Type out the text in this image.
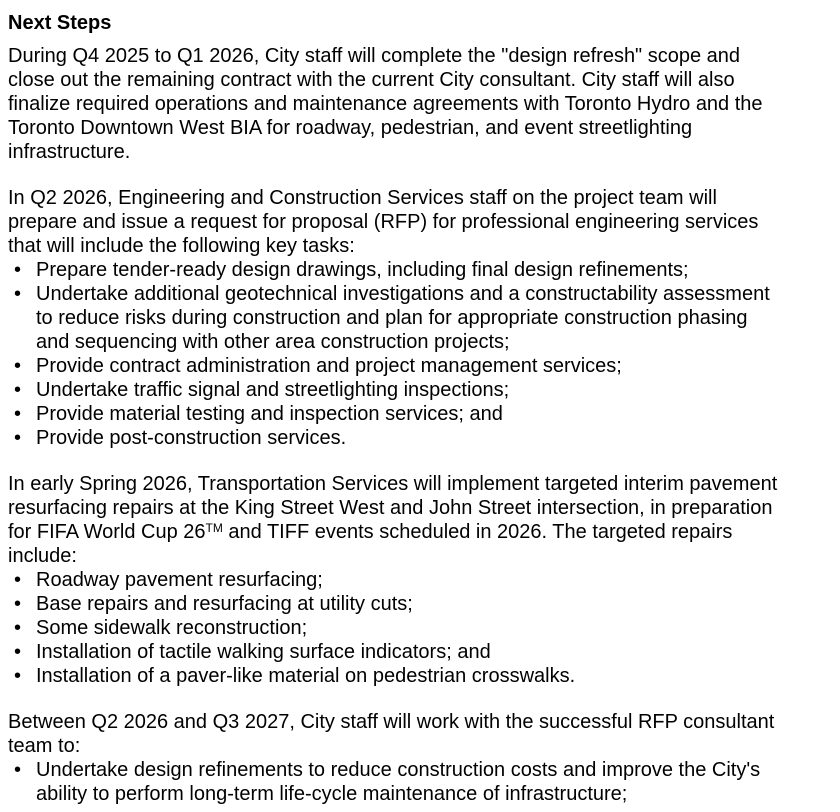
Next Steps

During Q4 2025 to Q1 2026, City staff will complete the "design refresh" scope and close out the remaining contract with the current City consultant. City staff will also finalize required operations and maintenance agreements with Toronto Hydro and the Toronto Downtown West BIA for roadway, pedestrian, and event streetlighting infrastructure.

In Q2 2026, Engineering and Construction Services staff on the project team will prepare and issue a request for proposal (RFP) for professional engineering services that will include the following key tasks:

• Prepare tender-ready design drawings, including final design refinements;
• Undertake additional geotechnical investigations and a constructability assessment to reduce risks during construction and plan for appropriate construction phasing and sequencing with other area construction projects;
• Provide contract administration and project management services;
• Undertake traffic signal and streetlighting inspections;
• Provide material testing and inspection services; and
• Provide post-construction services.

In early Spring 2026, Transportation Services will implement targeted interim pavement resurfacing repairs at the King Street West and John Street intersection, in preparation for FIFA World Cup 26™ and TIFF events scheduled in 2026. The targeted repairs include:

• Roadway pavement resurfacing;
• Base repairs and resurfacing at utility cuts;
• Some sidewalk reconstruction;
• Installation of tactile walking surface indicators; and
• Installation of a paver-like material on pedestrian crosswalks.

Between Q2 2026 and Q3 2027, City staff will work with the successful RFP consultant team to:

• Undertake design refinements to reduce construction costs and improve the City's ability to perform long-term life-cycle maintenance of infrastructure;
